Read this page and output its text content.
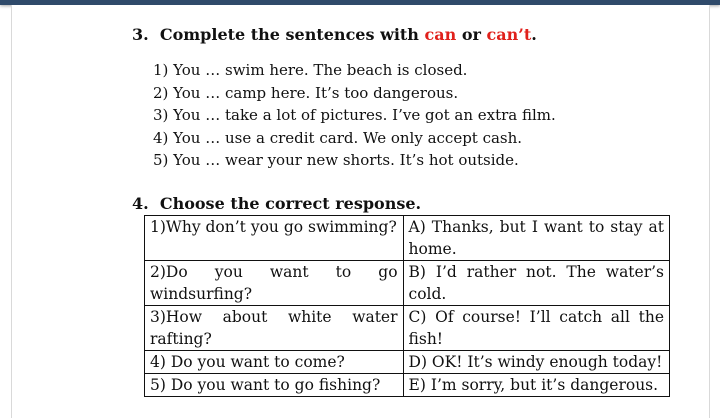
3. Complete the sentences with can or can’t.
1) You … swim here. The beach is closed.
2) You … camp here. It’s too dangerous.
3) You … take a lot of pictures. I’ve got an extra film.
4) You … use a credit card. We only accept cash.
5) You … wear your new shorts. It’s hot outside.
4. Choose the correct response.
1)Why don’t you go swimming?	A) Thanks, but I want to stay at home.
2)Do you want to go windsurfing?	B) I’d rather not. The water’s cold.
3)How about white water rafting?	C) Of course! I’ll catch all the fish!
4) Do you want to come?	D) OK! It’s windy enough today!
5) Do you want to go fishing?	E) I’m sorry, but it’s dangerous.
